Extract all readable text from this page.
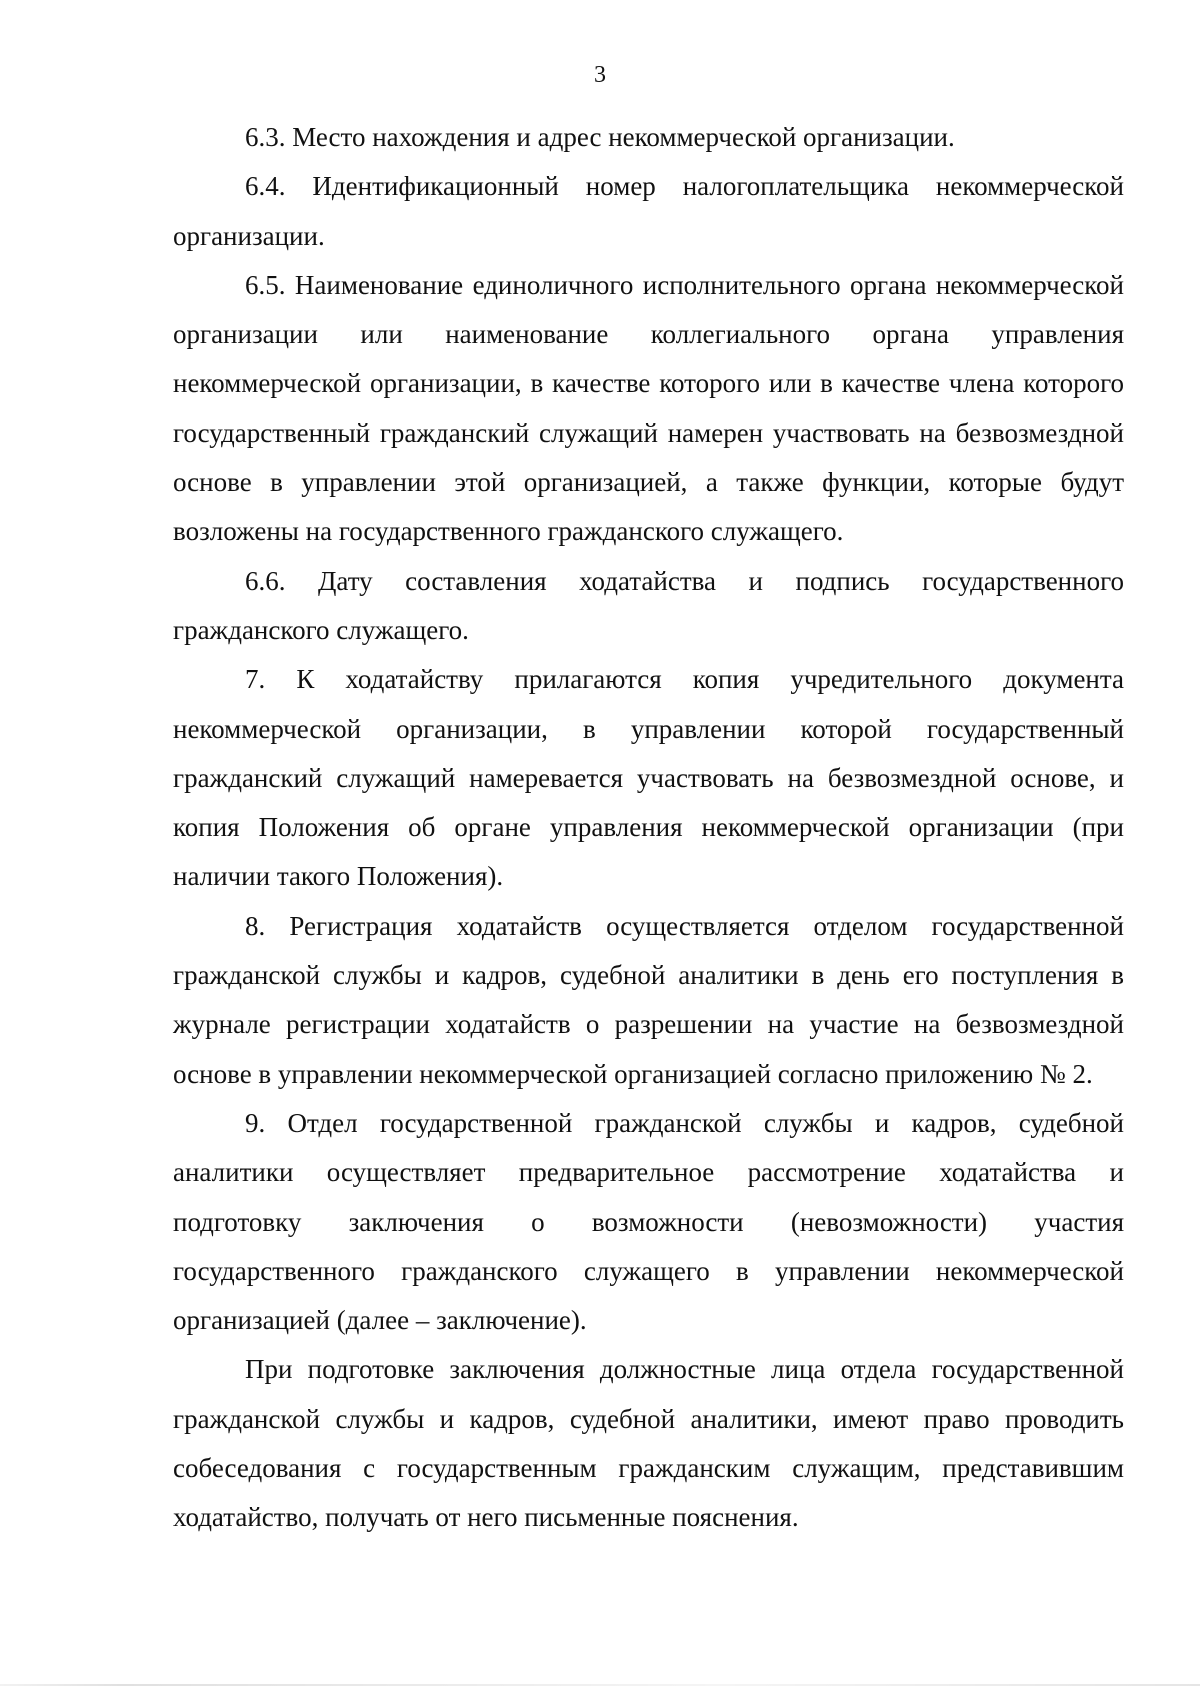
3

6.3. Место нахождения и адрес некоммерческой организации.

6.4. Идентификационный номер налогоплательщика некоммерческой организации.

6.5. Наименование единоличного исполнительного органа некоммерческой организации или наименование коллегиального органа управления некоммерческой организации, в качестве которого или в качестве члена которого государственный гражданский служащий намерен участвовать на безвозмездной основе в управлении этой организацией, а также функции, которые будут возложены на государственного гражданского служащего.

6.6. Дату составления ходатайства и подпись государственного гражданского служащего.

7. К ходатайству прилагаются копия учредительного документа некоммерческой организации, в управлении которой государственный гражданский служащий намеревается участвовать на безвозмездной основе, и копия Положения об органе управления некоммерческой организации (при наличии такого Положения).

8. Регистрация ходатайств осуществляется отделом государственной гражданской службы и кадров, судебной аналитики в день его поступления в журнале регистрации ходатайств о разрешении на участие на безвозмездной основе в управлении некоммерческой организацией согласно приложению № 2.

9. Отдел государственной гражданской службы и кадров, судебной аналитики осуществляет предварительное рассмотрение ходатайства и подготовку заключения о возможности (невозможности) участия государственного гражданского служащего в управлении некоммерческой организацией (далее – заключение).

При подготовке заключения должностные лица отдела государственной гражданской службы и кадров, судебной аналитики, имеют право проводить собеседования с государственным гражданским служащим, представившим ходатайство, получать от него письменные пояснения.
